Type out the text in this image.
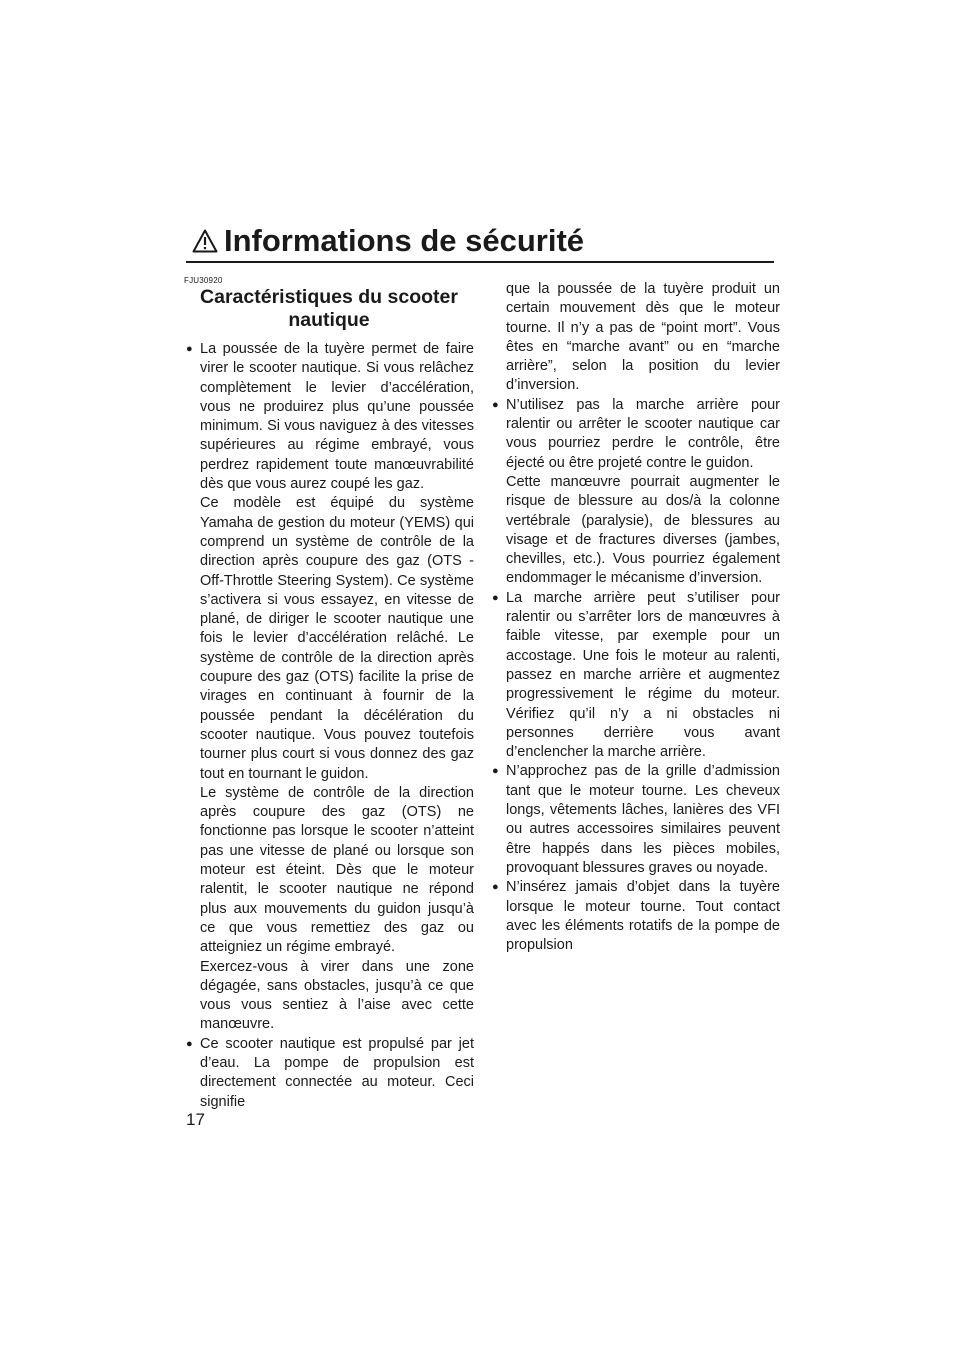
Informations de sécurité

FJU30920

Caractéristiques du scooter
nautique
● La poussée de la tuyère permet de faire virer le scooter nautique. Si vous relâchez complètement le levier d’accélération, vous ne produirez plus qu’une poussée minimum. Si vous naviguez à des vitesses supérieures au régime embrayé, vous perdrez rapidement toute manœuvrabilité dès que vous aurez coupé les gaz.

Ce modèle est équipé du système Yamaha de gestion du moteur (YEMS) qui comprend un système de contrôle de la direction après coupure des gaz (OTS - Off-Throttle Steering System). Ce système s’activera si vous essayez, en vitesse de plané, de diriger le scooter nautique une fois le levier d’accélération relâché. Le système de contrôle de la direction après coupure des gaz (OTS) facilite la prise de virages en continuant à fournir de la poussée pendant la décélération du scooter nautique. Vous pouvez toutefois tourner plus court si vous donnez des gaz tout en tournant le guidon.

Le système de contrôle de la direction après coupure des gaz (OTS) ne fonctionne pas lorsque le scooter n’atteint pas une vitesse de plané ou lorsque son moteur est éteint. Dès que le moteur ralentit, le scooter nautique ne répond plus aux mouvements du guidon jusqu’à ce que vous remettiez des gaz ou atteigniez un régime embrayé.

Exercez-vous à virer dans une zone dégagée, sans obstacles, jusqu’à ce que vous vous sentiez à l’aise avec cette manœuvre.

● Ce scooter nautique est propulsé par jet d’eau. La pompe de propulsion est directement connectée au moteur. Ceci signifie

que la poussée de la tuyère produit un certain mouvement dès que le moteur tourne. Il n’y a pas de “point mort”. Vous êtes en “marche avant” ou en “marche arrière”, selon la position du levier d’inversion.

● N’utilisez pas la marche arrière pour ralentir ou arrêter le scooter nautique car vous pourriez perdre le contrôle, être éjecté ou être projeté contre le guidon.

Cette manœuvre pourrait augmenter le risque de blessure au dos/à la colonne vertébrale (paralysie), de blessures au visage et de fractures diverses (jambes, chevilles, etc.). Vous pourriez également endommager le mécanisme d’inversion.

● La marche arrière peut s’utiliser pour ralentir ou s’arrêter lors de manœuvres à faible vitesse, par exemple pour un accostage. Une fois le moteur au ralenti, passez en marche arrière et augmentez progressivement le régime du moteur. Vérifiez qu’il n’y a ni obstacles ni personnes derrière vous avant d’enclencher la marche arrière.

● N’approchez pas de la grille d’admission tant que le moteur tourne. Les cheveux longs, vêtements lâches, lanières des VFI ou autres accessoires similaires peuvent être happés dans les pièces mobiles, provoquant blessures graves ou noyade.

● N’insérez jamais d’objet dans la tuyère lorsque le moteur tourne. Tout contact avec les éléments rotatifs de la pompe de propulsion

17
